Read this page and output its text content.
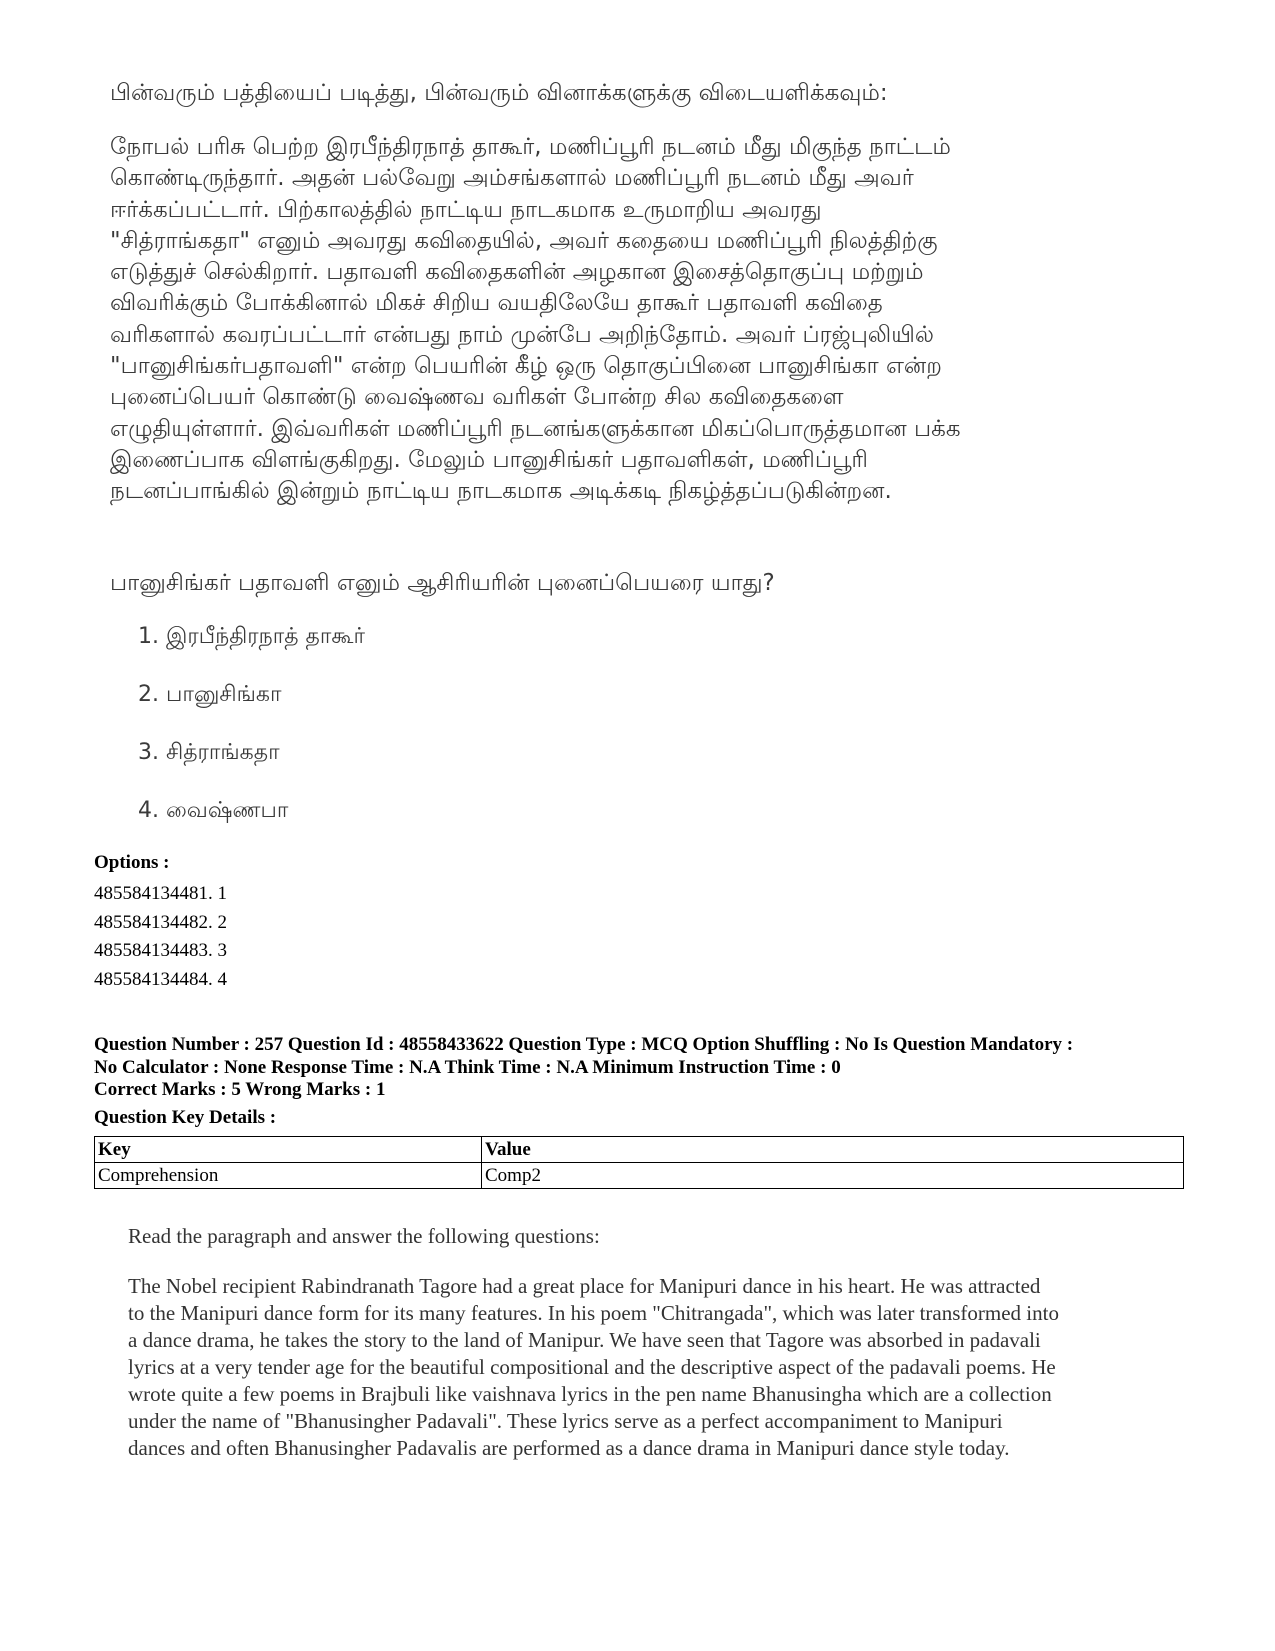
பின்வரும் பத்தியைப் படித்து, பின்வரும் வினாக்களுக்கு விடையளிக்கவும்:
நோபல் பரிசு பெற்ற இரபீந்திரநாத் தாகூர், மணிப்பூரி நடனம் மீது மிகுந்த நாட்டம்
கொண்டிருந்தார். அதன் பல்வேறு அம்சங்களால் மணிப்பூரி நடனம் மீது அவர்
ஈர்க்கப்பட்டார். பிற்காலத்தில் நாட்டிய நாடகமாக உருமாறிய அவரது
"சித்ராங்கதா" எனும் அவரது கவிதையில், அவர் கதையை மணிப்பூரி நிலத்திற்கு
எடுத்துச் செல்கிறார். பதாவளி கவிதைகளின் அழகான இசைத்தொகுப்பு மற்றும்
விவரிக்கும் போக்கினால் மிகச் சிறிய வயதிலேயே தாகூர் பதாவளி கவிதை
வரிகளால் கவரப்பட்டார் என்பது நாம் முன்பே அறிந்தோம். அவர் ப்ரஜ்புலியில்
"பானுசிங்கர்பதாவளி" என்ற பெயரின் கீழ் ஒரு தொகுப்பினை பானுசிங்கா என்ற
புனைப்பெயர் கொண்டு வைஷ்ணவ வரிகள் போன்ற சில கவிதைகளை
எழுதியுள்ளார். இவ்வரிகள் மணிப்பூரி நடனங்களுக்கான மிகப்பொருத்தமான பக்க
இணைப்பாக விளங்குகிறது. மேலும் பானுசிங்கர் பதாவளிகள், மணிப்பூரி
நடனப்பாங்கில் இன்றும் நாட்டிய நாடகமாக அடிக்கடி நிகழ்த்தப்படுகின்றன.
பானுசிங்கர் பதாவளி எனும் ஆசிரியரின் புனைப்பெயரை யாது?
1. இரபீந்திரநாத் தாகூர்
2. பானுசிங்கா
3. சித்ராங்கதா
4. வைஷ்ணபா
Options :
485584134481. 1
485584134482. 2
485584134483. 3
485584134484. 4
Question Number : 257 Question Id : 48558433622 Question Type : MCQ Option Shuffling : No Is Question Mandatory :
No Calculator : None Response Time : N.A Think Time : N.A Minimum Instruction Time : 0
Correct Marks : 5 Wrong Marks : 1
Question Key Details :
Key	Value
Comprehension	Comp2
Read the paragraph and answer the following questions:
The Nobel recipient Rabindranath Tagore had a great place for Manipuri dance in his heart. He was attracted
to the Manipuri dance form for its many features. In his poem "Chitrangada", which was later transformed into
a dance drama, he takes the story to the land of Manipur. We have seen that Tagore was absorbed in padavali
lyrics at a very tender age for the beautiful compositional and the descriptive aspect of the padavali poems. He
wrote quite a few poems in Brajbuli like vaishnava lyrics in the pen name Bhanusingha which are a collection
under the name of "Bhanusingher Padavali". These lyrics serve as a perfect accompaniment to Manipuri
dances and often Bhanusingher Padavalis are performed as a dance drama in Manipuri dance style today.
